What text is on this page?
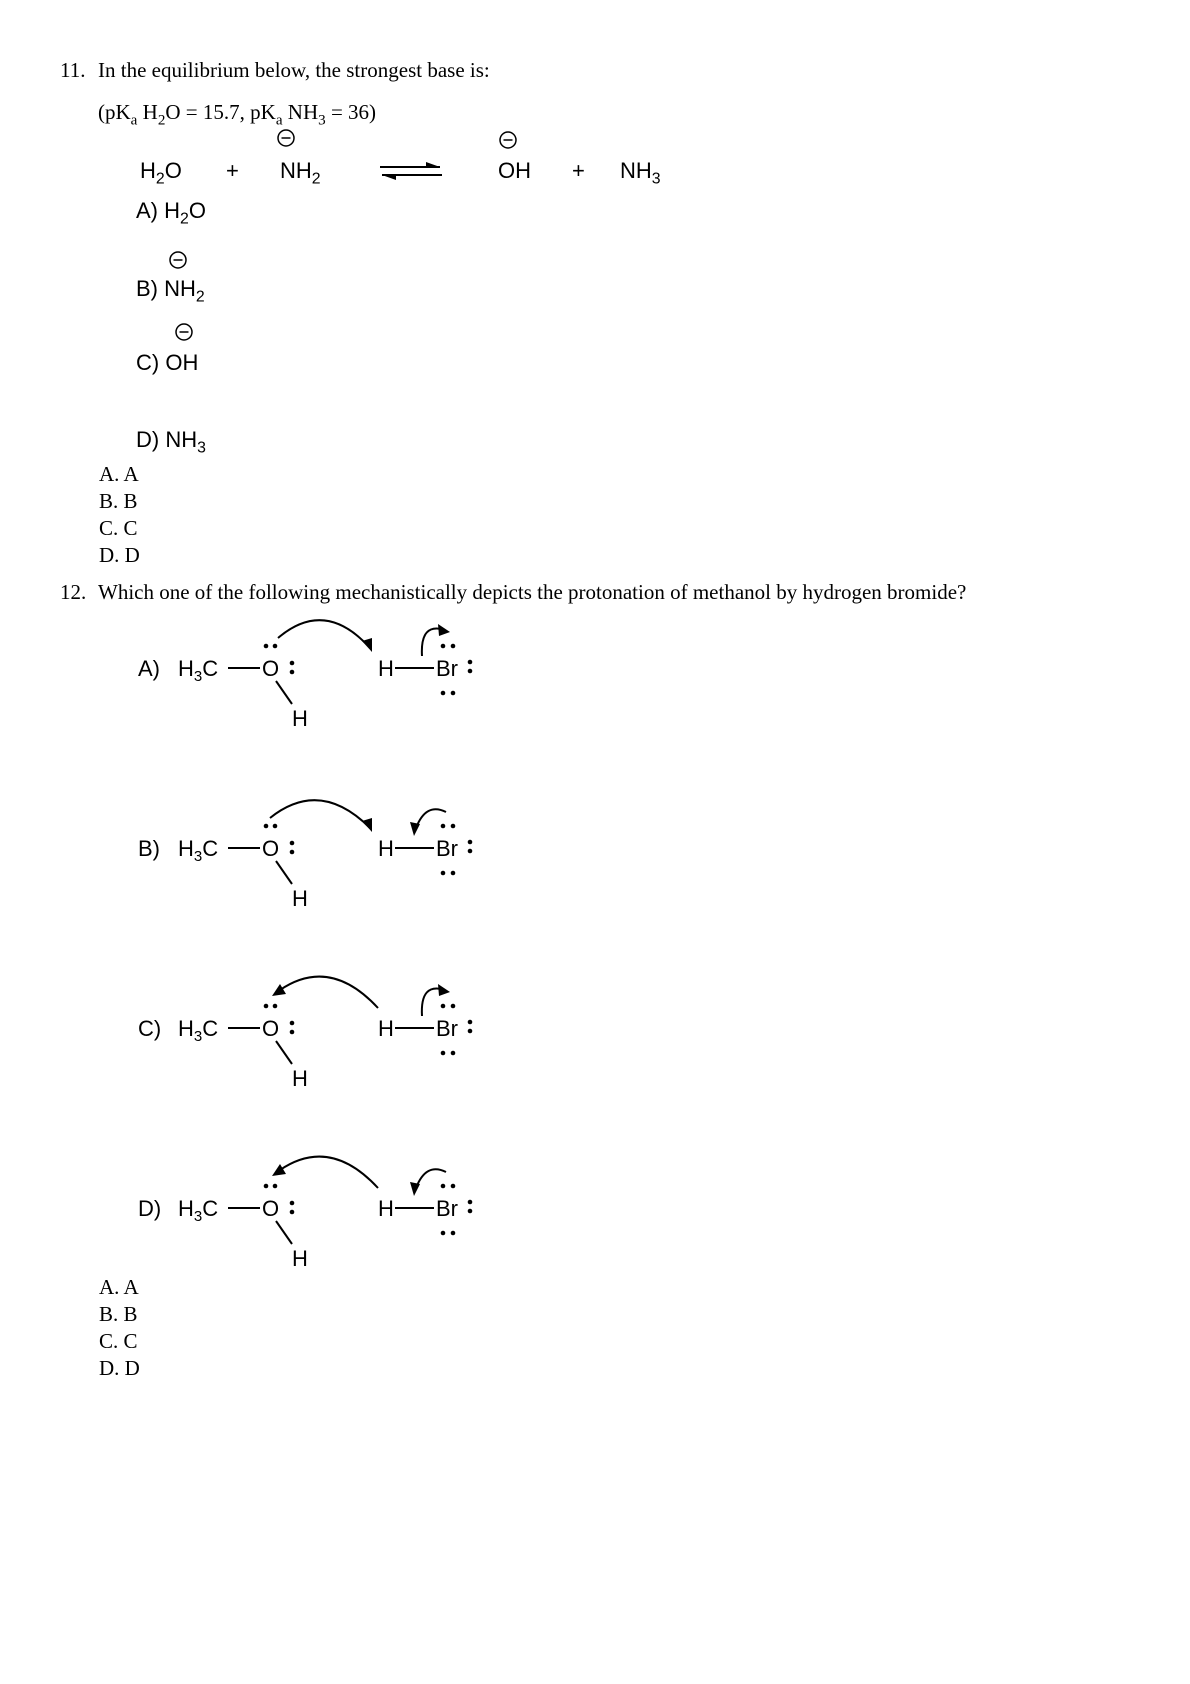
11. In the equilibrium below, the strongest base is:
($pK_a$ $H_2O = 15.7$, $pK_a$ $NH_3 = 36$)
$H_2O + NH_2$	OH + $NH_3$
A) $H_2O$
B) $NH_2$
C) OH
D) $NH_3$
A. A
B. B
C. C
D. D
12. Which one of the following mechanistically depicts the protonation of methanol by hydrogen bromide?
A) $H_3C$ O
H
H Br
B) $H_3C$ O
H
H Br
C) $H_3C$ O
H
H Br
D) $H_3C$ O
H
H Br
A. A
B. B
C. C
D. D
